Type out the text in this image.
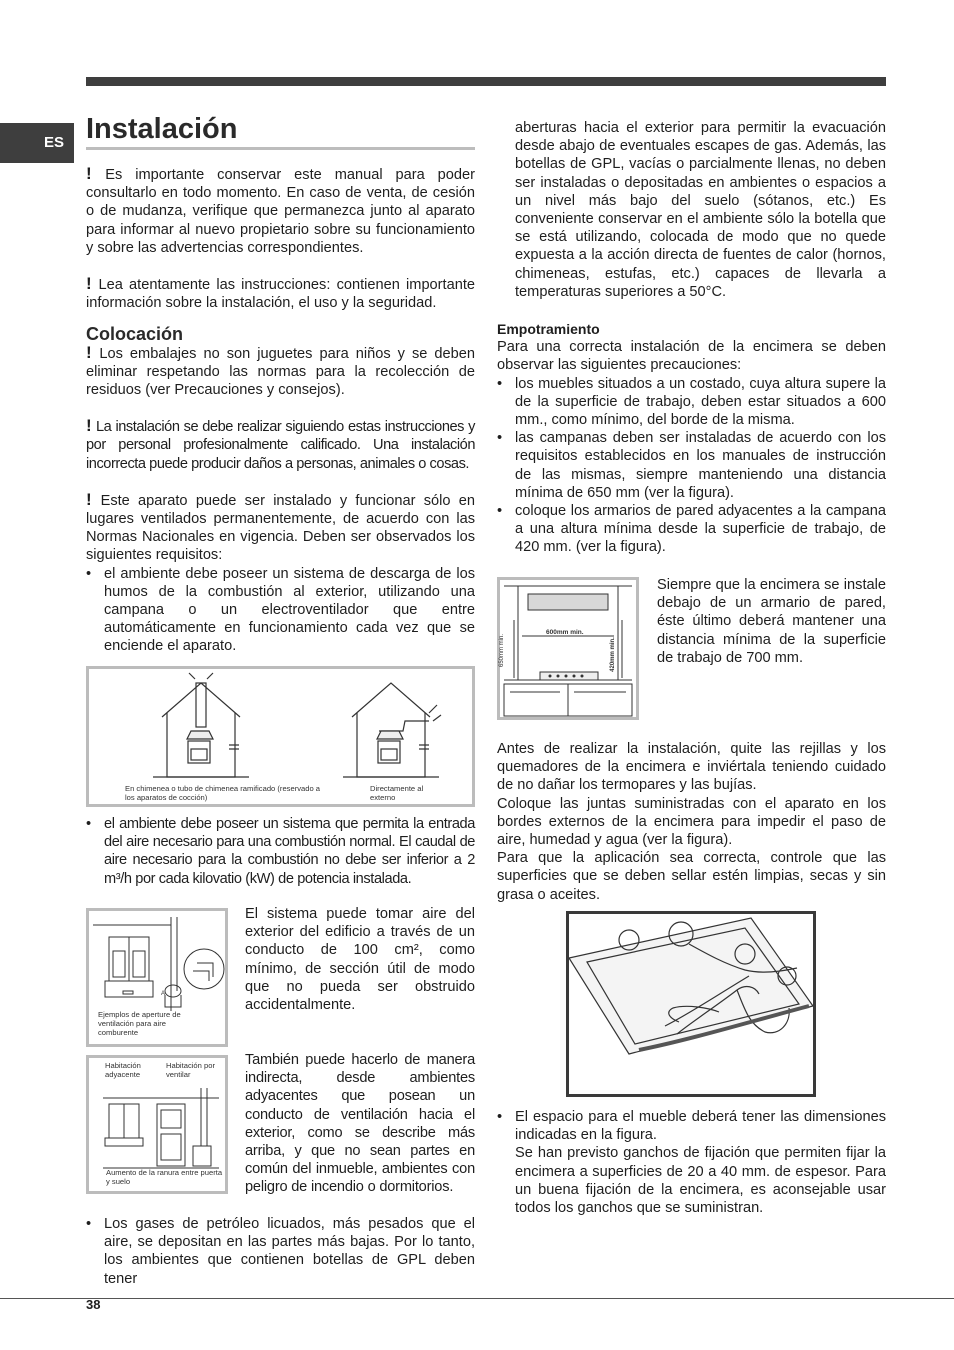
ES Instalación

! Es importante conservar este manual para poder consultarlo en todo momento. En caso de venta, de cesión o de mudanza, verifique que permanezca junto al aparato para informar al nuevo propietario sobre su funcionamiento y sobre las advertencias correspondientes.

! Lea atentamente las instrucciones: contienen importante información sobre la instalación, el uso y la seguridad.

Colocación

! Los embalajes no son juguetes para niños y se deben eliminar respetando las normas para la recolección de residuos (ver Precauciones y consejos).

! La instalación se debe realizar siguiendo estas instrucciones y por personal profesionalmente calificado. Una instalación incorrecta puede producir daños a personas, animales o cosas.

! Este aparato puede ser instalado y funcionar sólo en lugares ventilados permanentemente, de acuerdo con las Normas Nacionales en vigencia. Deben ser observados los siguientes requisitos:

• el ambiente debe poseer un sistema de descarga de los humos de la combustión al exterior, utilizando una campana o un electroventilador que entre automáticamente en funcionamiento cada vez que se enciende el aparato.
En chimenea o tubo de chimenea ramificado (reservado a los aparatos de cocción)
Directamente al externo
• el ambiente debe poseer un sistema que permita la entrada del aire necesario para una combustión normal. El caudal de aire necesario para la combustión no debe ser inferior a 2 m³/h por cada kilovatio (kW) de potencia instalada.
A
Ejemplos de aperture de ventilación para aire comburente

El sistema puede tomar aire del exterior del edificio a través de un conducto de 100 cm², como mínimo, de sección útil de modo que no pueda ser obstruido accidentalmente.

Habitación adyacente
Habitación por ventilar
Aumento de la ranura entre puerta y suelo

También puede hacerlo de manera indirecta, desde ambientes adyacentes que posean un conducto de ventilación hacia el exterior, como se describe más arriba, y que no sean partes en común del inmueble, ambientes con peligro de incendio o dormitorios.

• Los gases de petróleo licuados, más pesados que el aire, se depositan en las partes más bajas. Por lo tanto, los ambientes que contienen botellas de GPL deben tener

aberturas hacia el exterior para permitir la evacuación desde abajo de eventuales escapes de gas. Además, las botellas de GPL, vacías o parcialmente llenas, no deben ser instaladas o depositadas en ambientes o espacios a un nivel más bajo del suelo (sótanos, etc.) Es conveniente conservar en el ambiente sólo la botella que se está utilizando, colocada de modo que no quede expuesta a la acción directa de fuentes de calor (hornos, chimeneas, estufas, etc.) capaces de llevarla a temperaturas superiores a 50°C.

Empotramiento

Para una correcta instalación de la encimera se deben observar las siguientes precauciones:

• los muebles situados a un costado, cuya altura supere la de la superficie de trabajo, deben estar situados a 600 mm., como mínimo, del borde de la misma.
• las campanas deben ser instaladas de acuerdo con los requisitos establecidos en los manuales de instrucción de las mismas, siempre manteniendo una distancia mínima de 650 mm (ver la figura).
• coloque los armarios de pared adyacentes a la campana a una altura mínima desde la superficie de trabajo, de 420 mm. (ver la figura).
600mm min.
650mm min.	420mm min.

Siempre que la encimera se instale debajo de un armario de pared, éste último deberá mantener una distancia mínima de la superficie de trabajo de 700 mm.

Antes de realizar la instalación, quite las rejillas y los quemadores de la encimera e inviértala teniendo cuidado de no dañar los termopares y las bujías.

Coloque las juntas suministradas con el aparato en los bordes externos de la encimera para impedir el paso de aire, humedad y agua (ver la figura).

Para que la aplicación sea correcta, controle que las superficies que se deben sellar estén limpias, secas y sin grasa o aceites.

• El espacio para el mueble deberá tener las dimensiones indicadas en la figura.
Se han previsto ganchos de fijación que permiten fijar la encimera a superficies de 20 a 40 mm. de espesor. Para un buena fijación de la encimera, es aconsejable usar todos los ganchos que se suministran.
38
